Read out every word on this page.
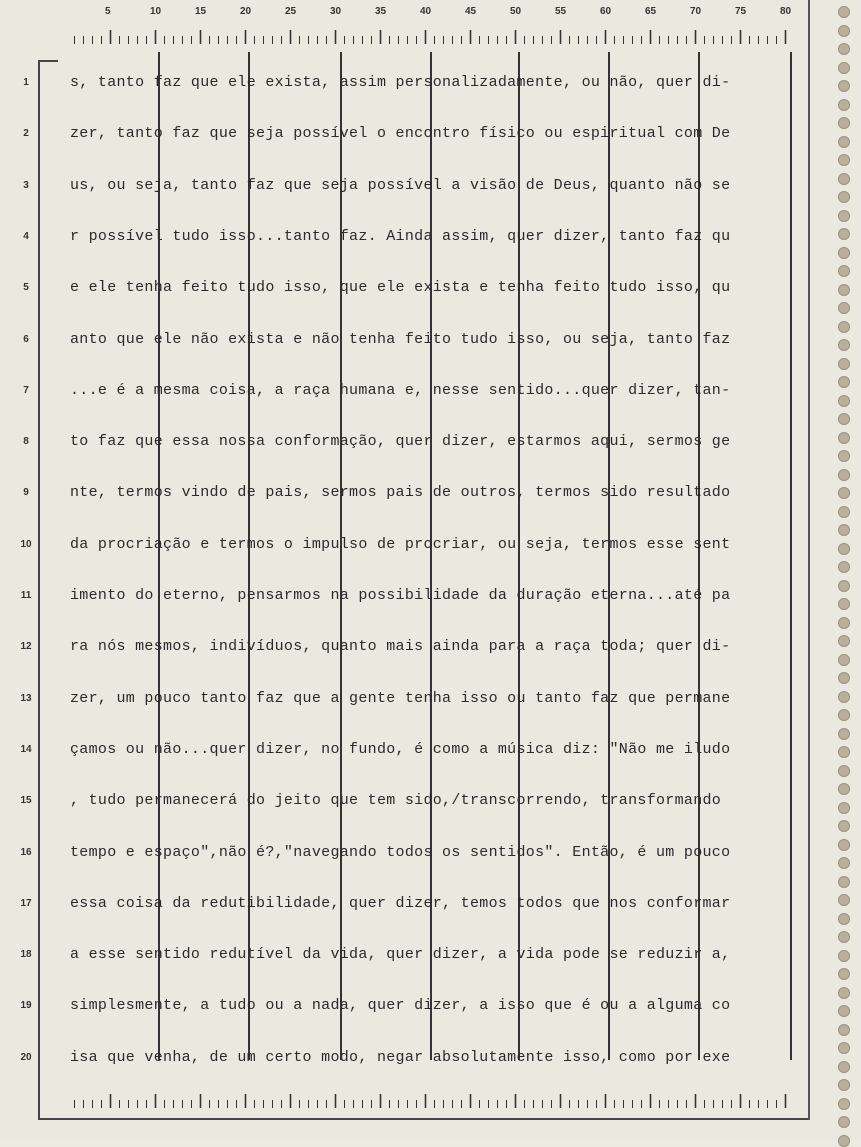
5	10	15	20	25	30	35	40	45	50	55	60	65	70	75	80
1
2
3
4
5
6
7
8
9
10
11
12
13
14
15
16
17
18
19
20
s, tanto faz que ele exista, assim personalizadamente, ou não, quer di-
zer, tanto faz que seja possível o encontro físico ou espiritual com De
us, ou seja, tanto faz que seja possível a visão de Deus, quanto não se
r possível tudo isso...tanto faz. Ainda assim, quer dizer, tanto faz qu
e ele tenha feito tudo isso, que ele exista e tenha feito tudo isso, qu
anto que ele não exista e não tenha feito tudo isso, ou seja, tanto faz
...e é a mesma coisa, a raça humana e, nesse sentido...quer dizer, tan-
to faz que essa nossa conformação, quer dizer, estarmos aqui, sermos ge
nte, termos vindo de pais, sermos pais de outros, termos sido resultado
da procriação e termos o impulso de procriar, ou seja, termos esse sent
imento do eterno, pensarmos na possibilidade da duração eterna...até pa
ra nós mesmos, indivíduos, quanto mais ainda para a raça toda; quer di-
zer, um pouco tanto faz que a gente tenha isso ou tanto faz que permane
çamos ou não...quer dizer, no fundo, é como a música diz: "Não me iludo
, tudo permanecerá do jeito que tem sido,/transcorrendo, transformando
tempo e espaço",não é?,"navegando todos os sentidos". Então, é um pouco
essa coisa da redutibilidade, quer dizer, temos todos que nos conformar
a esse sentido redutível da vida, quer dizer, a vida pode se reduzir a,
simplesmente, a tudo ou a nada, quer dizer, a isso que é ou a alguma co
isa que venha, de um certo modo, negar absolutamente isso, como por exe
